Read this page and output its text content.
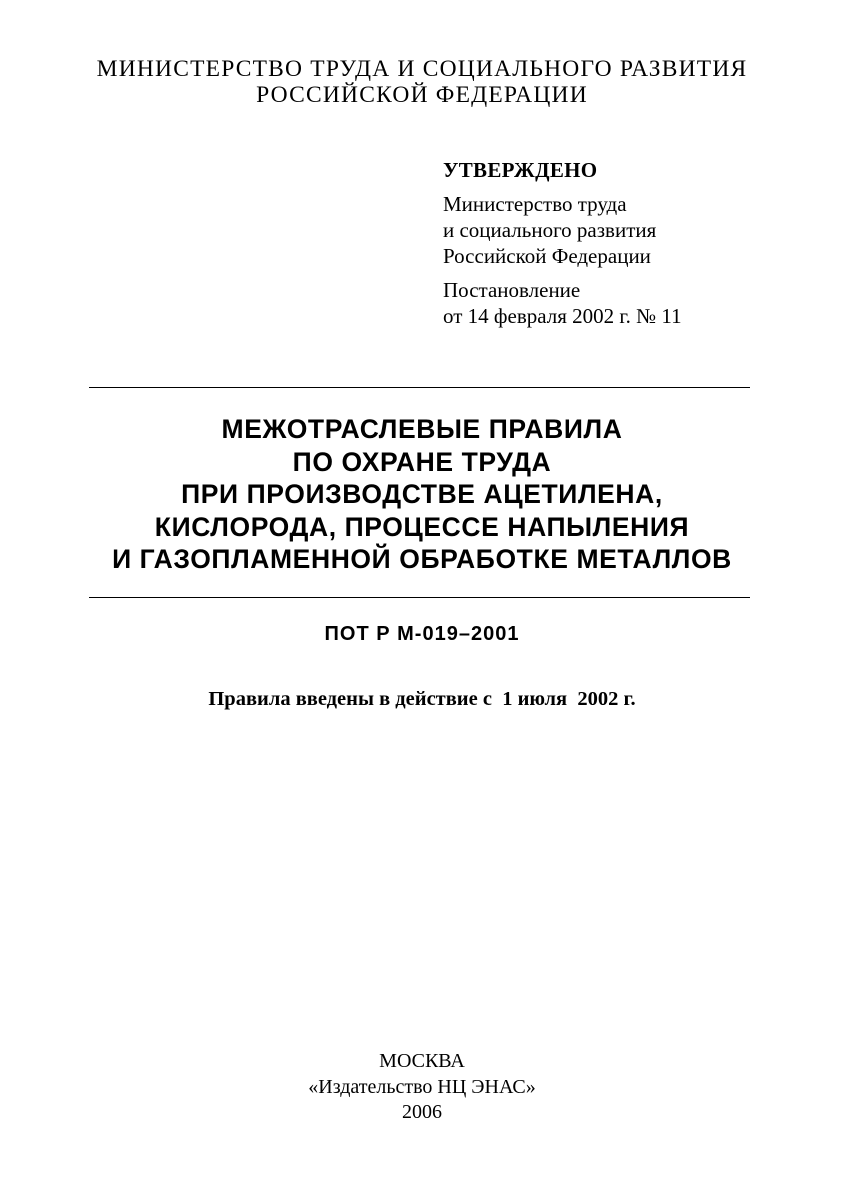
МИНИСТЕРСТВО ТРУДА И СОЦИАЛЬНОГО РАЗВИТИЯ
РОССИЙСКОЙ ФЕДЕРАЦИИ
УТВЕРЖДЕНО
Министерство труда
и социального развития
Российской Федерации
Постановление
от 14 февраля 2002 г. № 11
МЕЖОТРАСЛЕВЫЕ ПРАВИЛА
ПО ОХРАНЕ ТРУДА
ПРИ ПРОИЗВОДСТВЕ АЦЕТИЛЕНА,
КИСЛОРОДА, ПРОЦЕССЕ НАПЫЛЕНИЯ
И ГАЗОПЛАМЕННОЙ ОБРАБОТКЕ МЕТАЛЛОВ
ПОТ Р М-019–2001
Правила введены в действие с  1 июля  2002 г.
МОСКВА
«Издательство НЦ ЭНАС»
2006
